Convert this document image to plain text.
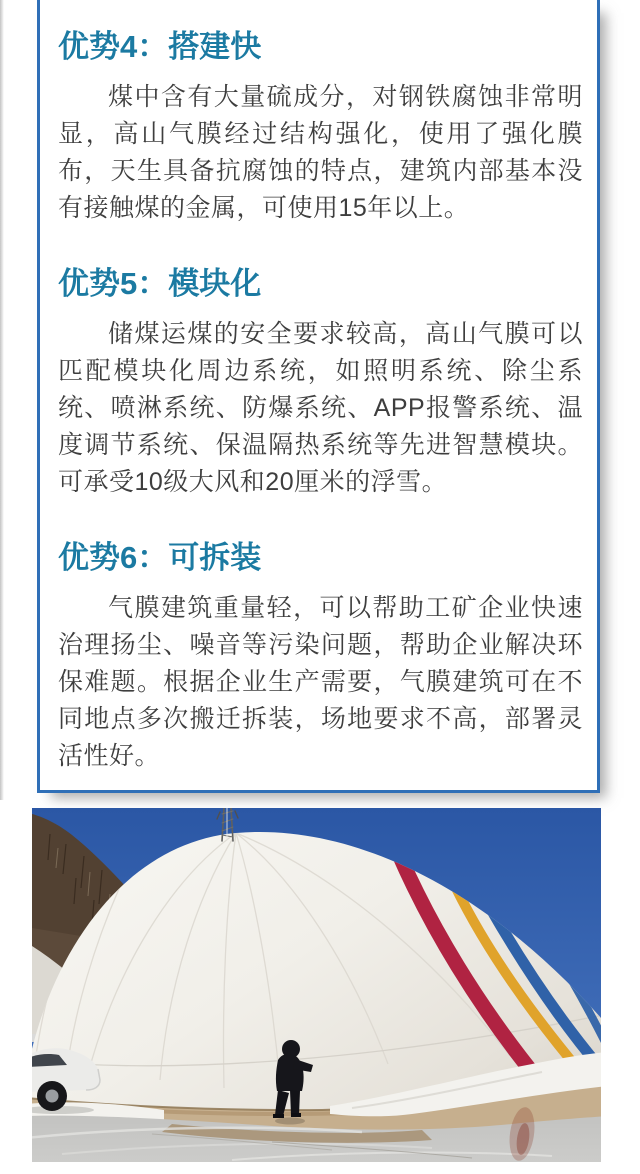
优势4：搭建快

煤中含有大量硫成分，对钢铁腐蚀非常明显，高山气膜经过结构强化，使用了强化膜布，天生具备抗腐蚀的特点，建筑内部基本没有接触煤的金属，可使用15年以上。

优势5：模块化

储煤运煤的安全要求较高，高山气膜可以匹配模块化周边系统，如照明系统、除尘系统、喷淋系统、防爆系统、APP报警系统、温度调节系统、保温隔热系统等先进智慧模块。可承受10级大风和20厘米的浮雪。

优势6：可拆装

气膜建筑重量轻，可以帮助工矿企业快速治理扬尘、噪音等污染问题，帮助企业解决环保难题。根据企业生产需要，气膜建筑可在不同地点多次搬迁拆装，场地要求不高，部署灵活性好。
